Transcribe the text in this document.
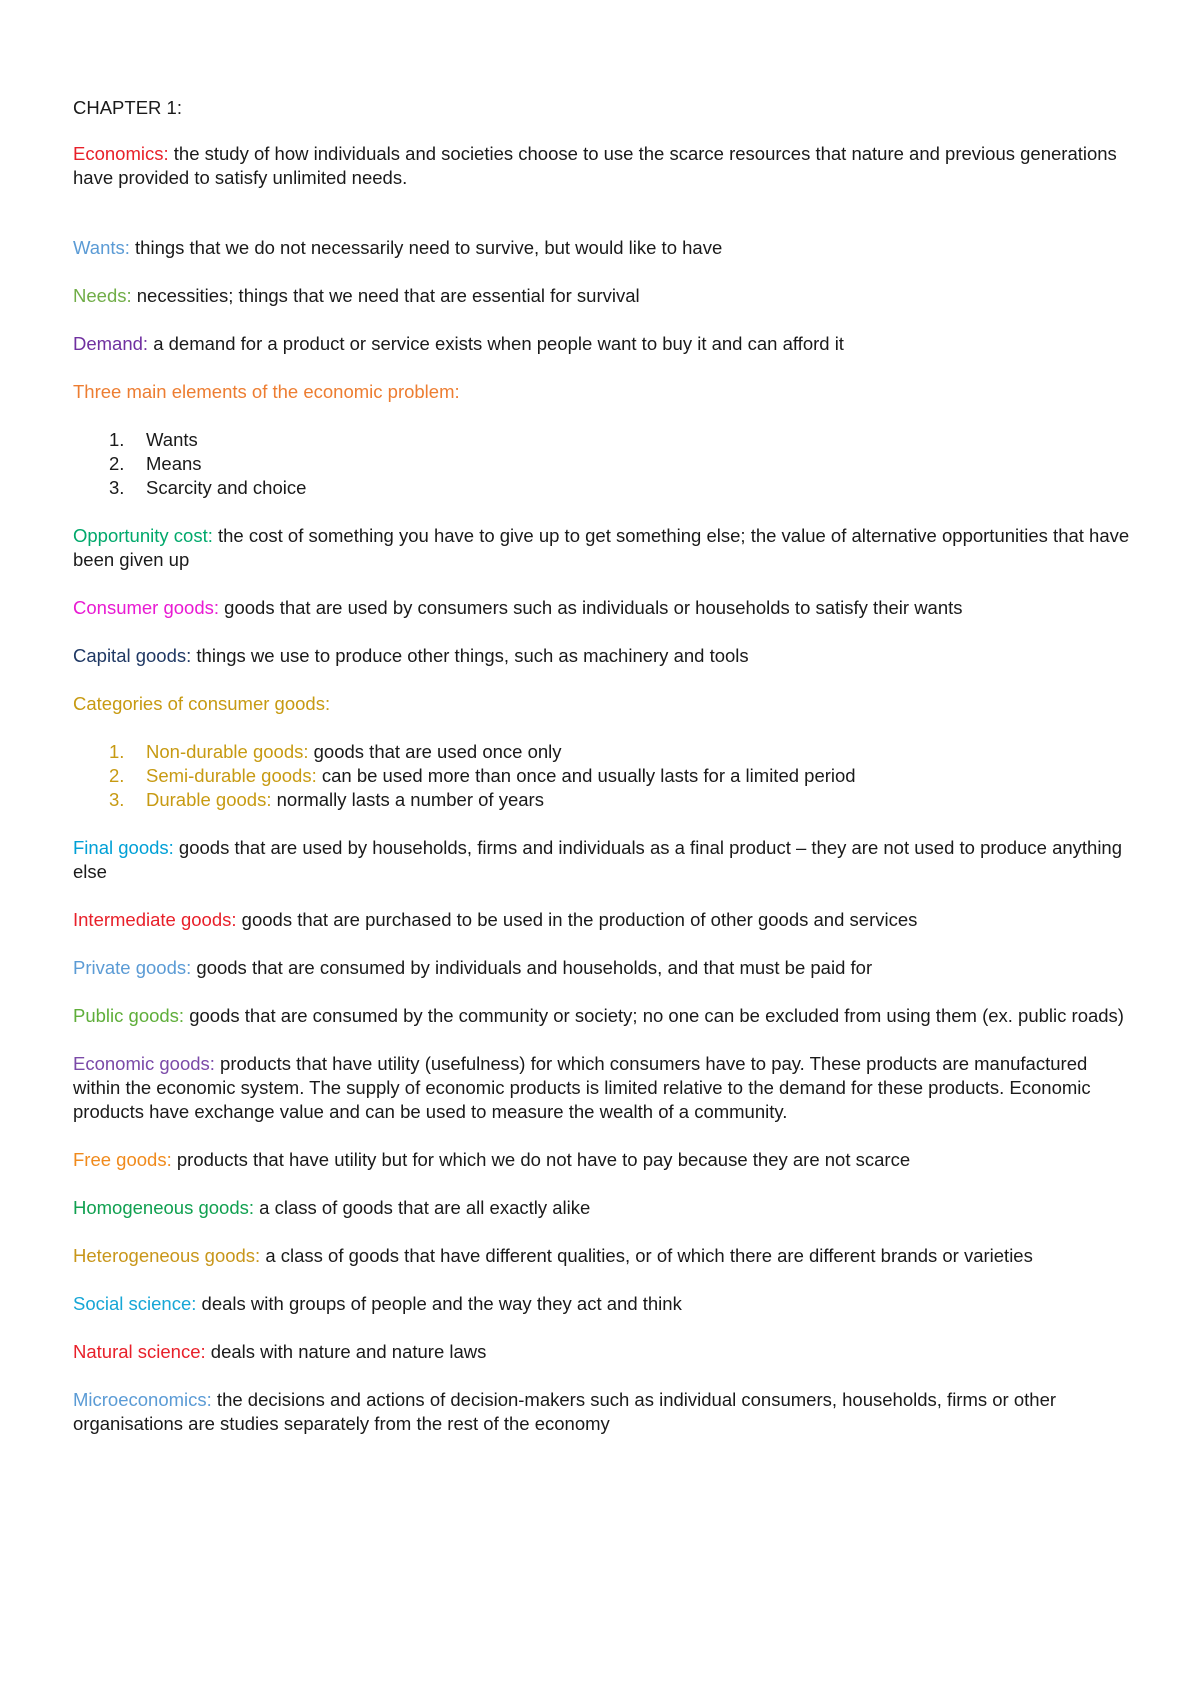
CHAPTER 1:

Economics: the study of how individuals and societies choose to use the scarce resources that nature and previous generations have provided to satisfy unlimited needs.

Wants: things that we do not necessarily need to survive, but would like to have

Needs: necessities; things that we need that are essential for survival

Demand: a demand for a product or service exists when people want to buy it and can afford it

Three main elements of the economic problem:

1. Wants
2. Means
3. Scarcity and choice

Opportunity cost: the cost of something you have to give up to get something else; the value of alternative opportunities that have been given up

Consumer goods: goods that are used by consumers such as individuals or households to satisfy their wants

Capital goods: things we use to produce other things, such as machinery and tools

Categories of consumer goods:

1. Non-durable goods: goods that are used once only
2. Semi-durable goods: can be used more than once and usually lasts for a limited period
3. Durable goods: normally lasts a number of years

Final goods: goods that are used by households, firms and individuals as a final product – they are not used to produce anything else

Intermediate goods: goods that are purchased to be used in the production of other goods and services

Private goods: goods that are consumed by individuals and households, and that must be paid for

Public goods: goods that are consumed by the community or society; no one can be excluded from using them (ex. public roads)

Economic goods: products that have utility (usefulness) for which consumers have to pay. These products are manufactured within the economic system. The supply of economic products is limited relative to the demand for these products. Economic products have exchange value and can be used to measure the wealth of a community.

Free goods: products that have utility but for which we do not have to pay because they are not scarce

Homogeneous goods: a class of goods that are all exactly alike

Heterogeneous goods: a class of goods that have different qualities, or of which there are different brands or varieties

Social science: deals with groups of people and the way they act and think

Natural science: deals with nature and nature laws

Microeconomics: the decisions and actions of decision-makers such as individual consumers, households, firms or other organisations are studies separately from the rest of the economy
